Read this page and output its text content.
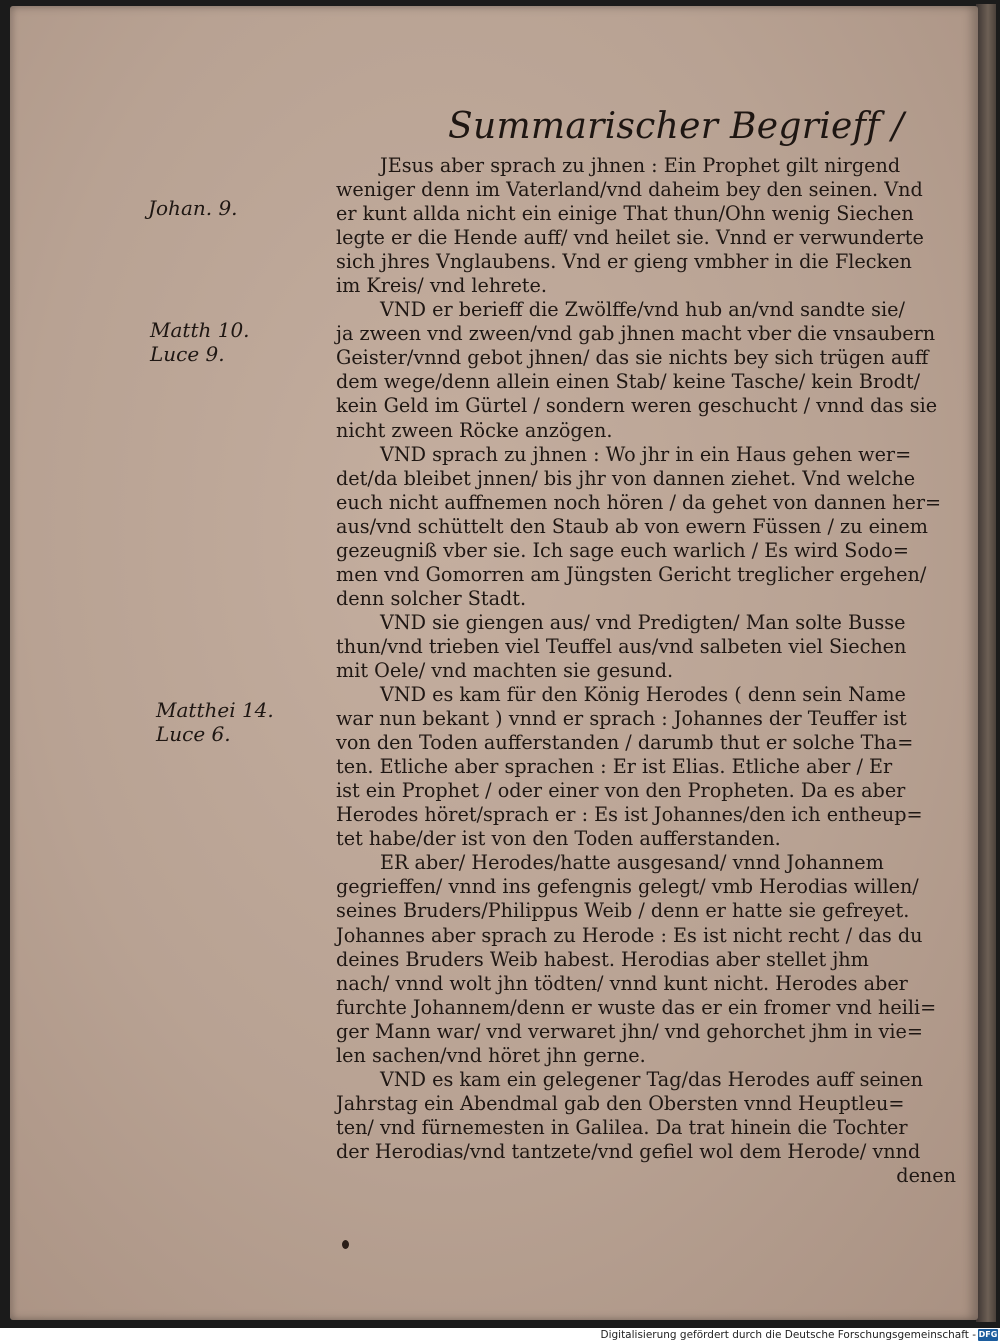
Summarischer Begrieff /
Johan. 9.
Matth 10.
Luce 9.
Matthei 14.
Luce 6.
JEsus aber sprach zu jhnen : Ein Prophet gilt nirgend
weniger denn im Vaterland/vnd daheim bey den seinen. Vnd
er kunt allda nicht ein einige That thun/Ohn wenig Siechen
legte er die Hende auff/ vnd heilet sie. Vnnd er verwunderte
sich jhres Vnglaubens. Vnd er gieng vmbher in die Flecken
im Kreis/ vnd lehrete.
VND er berieff die Zwölffe/vnd hub an/vnd sandte sie/
ja zween vnd zween/vnd gab jhnen macht vber die vnsaubern
Geister/vnnd gebot jhnen/ das sie nichts bey sich trügen auff
dem wege/denn allein einen Stab/ keine Tasche/ kein Brodt/
kein Geld im Gürtel / sondern weren geschucht / vnnd das sie
nicht zween Röcke anzögen.
VND sprach zu jhnen : Wo jhr in ein Haus gehen wer=
det/da bleibet jnnen/ bis jhr von dannen ziehet. Vnd welche
euch nicht auffnemen noch hören / da gehet von dannen her=
aus/vnd schüttelt den Staub ab von ewern Füssen / zu einem
gezeugniß vber sie. Ich sage euch warlich / Es wird Sodo=
men vnd Gomorren am Jüngsten Gericht treglicher ergehen/
denn solcher Stadt.
VND sie giengen aus/ vnd Predigten/ Man solte Busse
thun/vnd trieben viel Teuffel aus/vnd salbeten viel Siechen
mit Oele/ vnd machten sie gesund.
VND es kam für den König Herodes ( denn sein Name
war nun bekant ) vnnd er sprach : Johannes der Teuffer ist
von den Toden aufferstanden / darumb thut er solche Tha=
ten. Etliche aber sprachen : Er ist Elias. Etliche aber / Er
ist ein Prophet / oder einer von den Propheten. Da es aber
Herodes höret/sprach er : Es ist Johannes/den ich entheup=
tet habe/der ist von den Toden aufferstanden.
ER aber/ Herodes/hatte ausgesand/ vnnd Johannem
gegrieffen/ vnnd ins gefengnis gelegt/ vmb Herodias willen/
seines Bruders/Philippus Weib / denn er hatte sie gefreyet.
Johannes aber sprach zu Herode : Es ist nicht recht / das du
deines Bruders Weib habest. Herodias aber stellet jhm
nach/ vnnd wolt jhn tödten/ vnnd kunt nicht. Herodes aber
furchte Johannem/denn er wuste das er ein fromer vnd heili=
ger Mann war/ vnd verwaret jhn/ vnd gehorchet jhm in vie=
len sachen/vnd höret jhn gerne.
VND es kam ein gelegener Tag/das Herodes auff seinen
Jahrstag ein Abendmal gab den Obersten vnnd Heuptleu=
ten/ vnd fürnemesten in Galilea. Da trat hinein die Tochter
der Herodias/vnd tantzete/vnd gefiel wol dem Herode/ vnnd
denen
Digitalisierung gefördert durch die Deutsche Forschungsgemeinschaft - DFG
